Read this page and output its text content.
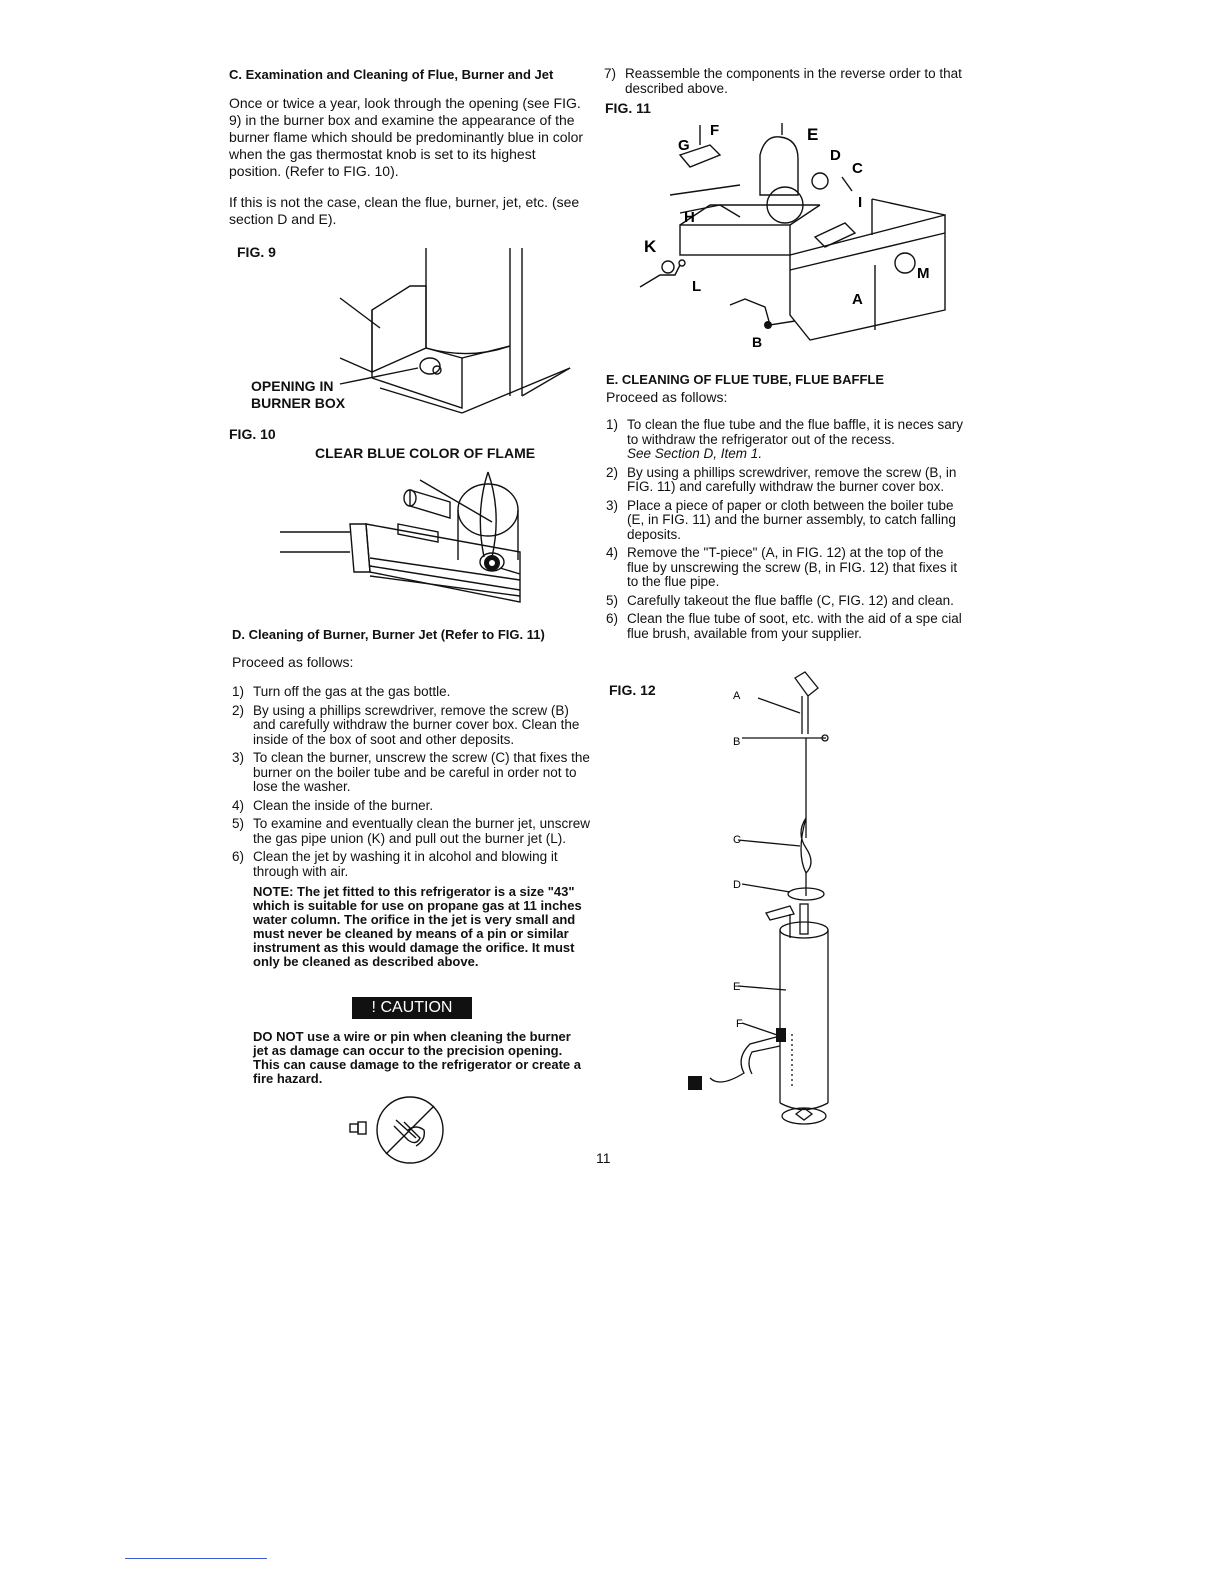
C. Examination and Cleaning of Flue, Burner and Jet

Once or twice a year, look through the opening (see FIG. 9) in the burner box and examine the appearance of the burner flame which should be predominantly blue in color when the gas thermostat knob is set to its highest position. (Refer to FIG. 10).

If this is not the case, clean the flue, burner, jet, etc. (see section D and E).

FIG. 9
OPENING IN
BURNER BOX
FIG. 10
CLEAR BLUE COLOR OF FLAME

D. Cleaning of Burner, Burner Jet (Refer to FIG. 11)

Proceed as follows:

1) Turn off the gas at the gas bottle.
2) By using a phillips screwdriver, remove the screw (B) and carefully withdraw the burner cover box. Clean the inside of the box of soot and other deposits.
3) To clean the burner, unscrew the screw (C) that fixes the burner on the boiler tube and be careful in order not to lose the washer.
4) Clean the inside of the burner.
5) To examine and eventually clean the burner jet, unscrew the gas pipe union (K) and pull out the burner jet (L).
6) Clean the jet by washing it in alcohol and blowing it through with air.
NOTE: The jet fitted to this refrigerator is a size "43" which is suitable for use on propane gas at 11 inches water column. The orifice in the jet is very small and must never be cleaned by means of a pin or similar instrument as this would damage the orifice. It must only be cleaned as described above.
! CAUTION
DO NOT use a wire or pin when cleaning the burner jet as damage can occur to the precision opening. This can cause damage to the refrigerator or create a fire hazard.
7) Reassemble the components in the reverse order to that described above.
FIG. 11
G
F	E
D
C
H
I
K
L
M
A
B

E. CLEANING OF FLUE TUBE, FLUE BAFFLE

Proceed as follows:

1) To clean the flue tube and the flue baffle, it is neces sary to withdraw the refrigerator out of the recess.
See Section D, Item 1.
2) By using a phillips screwdriver, remove the screw (B, in FIG. 11) and carefully withdraw the burner cover box.
3) Place a piece of paper or cloth between the boiler tube (E, in FIG. 11) and the burner assembly, to catch falling deposits.
4) Remove the "T-piece" (A, in FIG. 12) at the top of the flue by unscrewing the screw (B, in FIG. 12) that fixes it to the flue pipe.
5) Carefully takeout the flue baffle (C, FIG. 12) and clean.
6) Clean the flue tube of soot, etc. with the aid of a spe cial flue brush, available from your supplier.
FIG. 12	A
B
C
D
E
F
11
